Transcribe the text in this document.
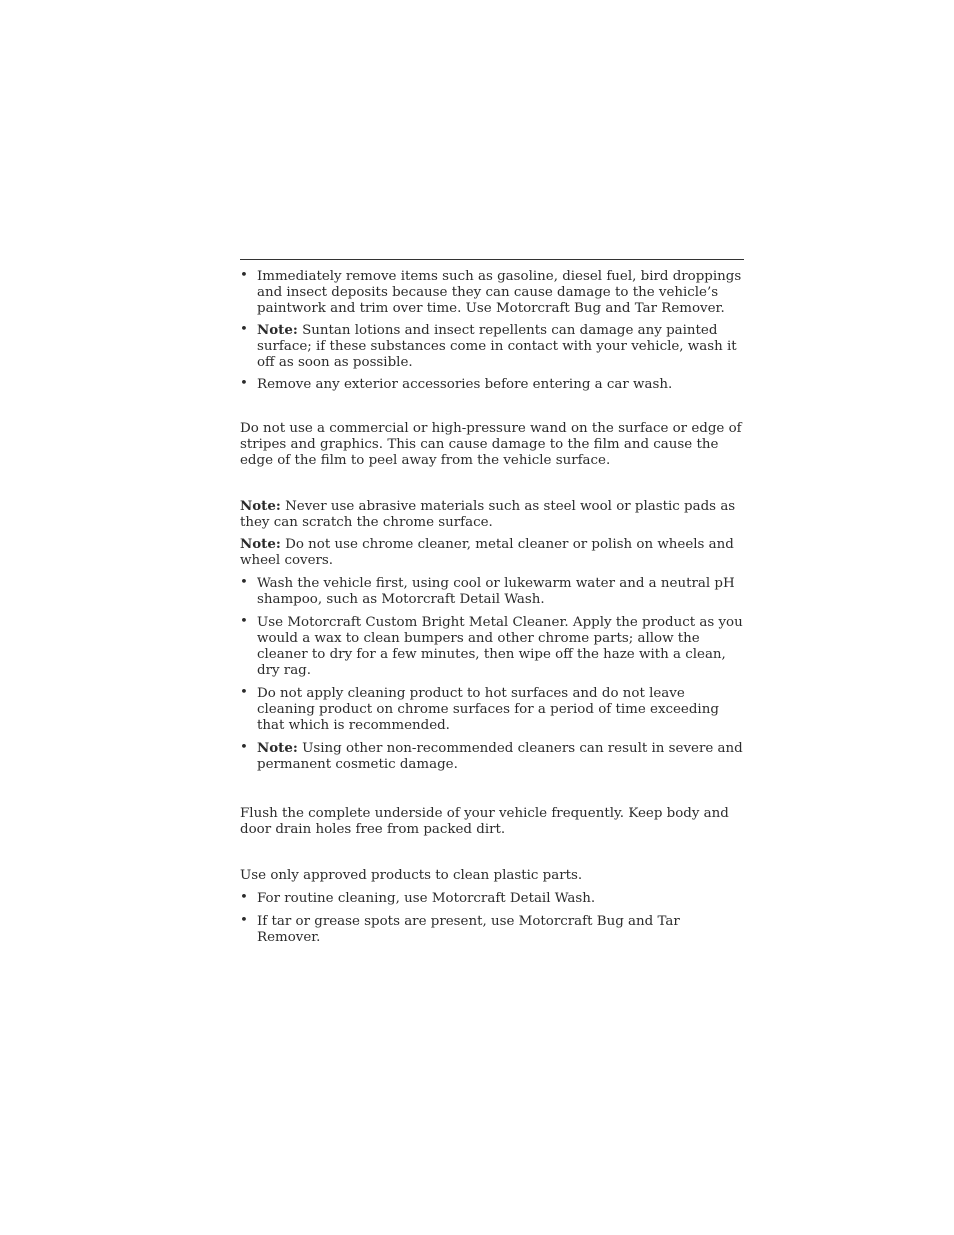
• Immediately remove items such as gasoline, diesel fuel, bird droppings and insect deposits because they can cause damage to the vehicle’s paintwork and trim over time. Use Motorcraft Bug and Tar Remover.
• Note: Suntan lotions and insect repellents can damage any painted surface; if these substances come in contact with your vehicle, wash it off as soon as possible.
• Remove any exterior accessories before entering a car wash.

Do not use a commercial or high-pressure wand on the surface or edge of stripes and graphics. This can cause damage to the film and cause the edge of the film to peel away from the vehicle surface.

Note: Never use abrasive materials such as steel wool or plastic pads as they can scratch the chrome surface.

Note: Do not use chrome cleaner, metal cleaner or polish on wheels and wheel covers.

• Wash the vehicle first, using cool or lukewarm water and a neutral pH shampoo, such as Motorcraft Detail Wash.
• Use Motorcraft Custom Bright Metal Cleaner. Apply the product as you would a wax to clean bumpers and other chrome parts; allow the cleaner to dry for a few minutes, then wipe off the haze with a clean, dry rag.
• Do not apply cleaning product to hot surfaces and do not leave cleaning product on chrome surfaces for a period of time exceeding that which is recommended.
• Note: Using other non-recommended cleaners can result in severe and permanent cosmetic damage.

Flush the complete underside of your vehicle frequently. Keep body and door drain holes free from packed dirt.

Use only approved products to clean plastic parts.

• For routine cleaning, use Motorcraft Detail Wash.
• If tar or grease spots are present, use Motorcraft Bug and Tar Remover.
